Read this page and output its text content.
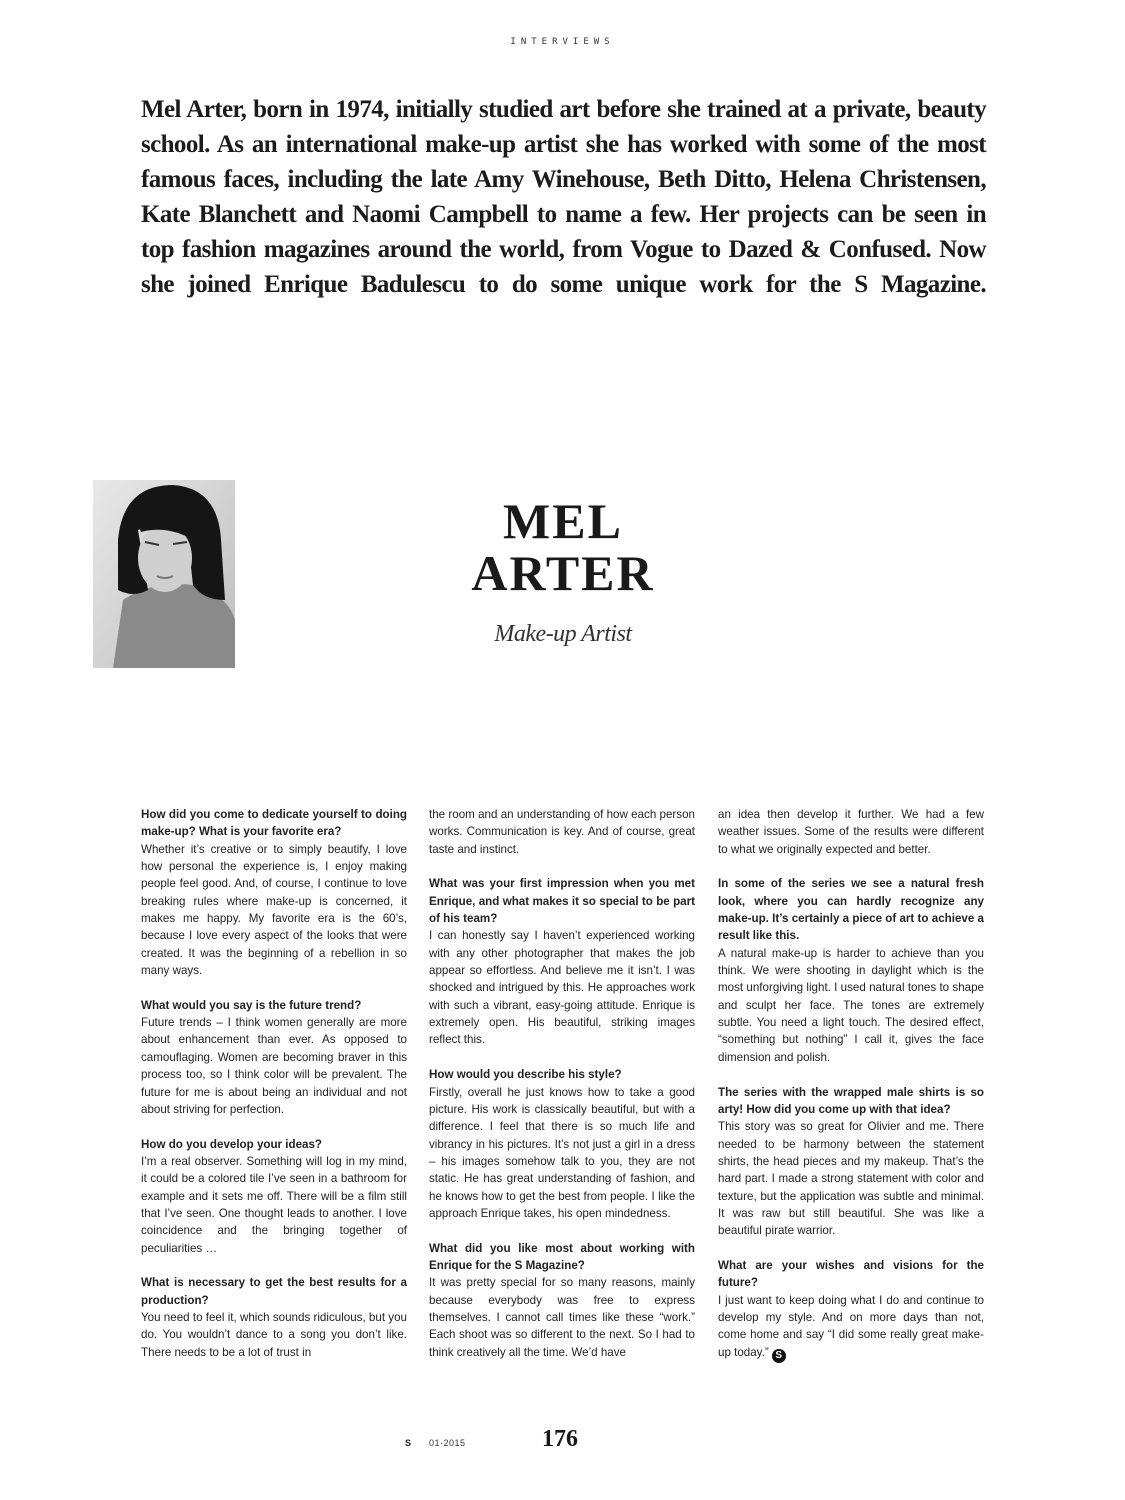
INTERVIEWS
Mel Arter, born in 1974, initially studied art before she trained at a private, beauty
school. As an international make-up artist she has worked with some of the most
famous faces, including the late Amy Winehouse, Beth Ditto, Helena Christensen,
Kate Blanchett and Naomi Campbell to name a few. Her projects can be seen in
top fashion magazines around the world, from Vogue to Dazed & Confused. Now
she joined Enrique Badulescu to do some unique work for the S Magazine.
MEL
ARTER
Make-up Artist

How did you come to dedicate yourself to doing make-up? What is your favorite era?
Whether it’s creative or to simply beautify, I love how personal the experience is, I enjoy making people feel good. And, of course, I continue to love breaking rules where make-up is concerned, it makes me happy. My favorite era is the 60’s, because I love every aspect of the looks that were created. It was the beginning of a rebellion in so many ways.

What would you say is the future trend?
Future trends – I think women generally are more about enhancement than ever. As opposed to camouflaging. Women are becoming braver in this process too, so I think color will be prevalent. The future for me is about being an individual and not about striving for perfection.

How do you develop your ideas?
I’m a real observer. Something will log in my mind, it could be a colored tile I’ve seen in a bathroom for example and it sets me off. There will be a film still that I’ve seen. One thought leads to another. I love coincidence and the bringing together of peculiarities …

What is necessary to get the best results for a production?
You need to feel it, which sounds ridiculous, but you do. You wouldn’t dance to a song you don’t like. There needs to be a lot of trust in

the room and an understanding of how each person works. Communication is key. And of course, great taste and instinct.

What was your first impression when you met Enrique, and what makes it so special to be part of his team?
I can honestly say I haven’t experienced working with any other photographer that makes the job appear so effortless. And believe me it isn’t. I was shocked and intrigued by this. He approaches work with such a vibrant, easy-going attitude. Enrique is extremely open. His beautiful, striking images reflect this.

How would you describe his style?
Firstly, overall he just knows how to take a good picture. His work is classically beautiful, but with a difference. I feel that there is so much life and vibrancy in his pictures. It’s not just a girl in a dress – his images somehow talk to you, they are not static. He has great understanding of fashion, and he knows how to get the best from people. I like the approach Enrique takes, his open mindedness.

What did you like most about working with Enrique for the S Magazine?
It was pretty special for so many reasons, mainly because everybody was free to express themselves. I cannot call times like these “work.” Each shoot was so different to the next. So I had to think creatively all the time. We’d have

an idea then develop it further. We had a few weather issues. Some of the results were different to what we originally expected and better.

In some of the series we see a natural fresh look, where you can hardly recognize any make-up. It’s certainly a piece of art to achieve a result like this.
A natural make-up is harder to achieve than you think. We were shooting in daylight which is the most unforgiving light. I used natural tones to shape and sculpt her face. The tones are extremely subtle. You need a light touch. The desired effect, “something but nothing” I call it, gives the face dimension and polish.

The series with the wrapped male shirts is so arty! How did you come up with that idea?
This story was so great for Olivier and me. There needed to be harmony between the statement shirts, the head pieces and my makeup. That’s the hard part. I made a strong statement with color and texture, but the application was subtle and minimal. It was raw but still beautiful. She was like a beautiful pirate warrior.

What are your wishes and visions for the future?
I just want to keep doing what I do and continue to develop my style. And on more days than not, come home and say “I did some really great make-up today.” S

S 01·2015	176
